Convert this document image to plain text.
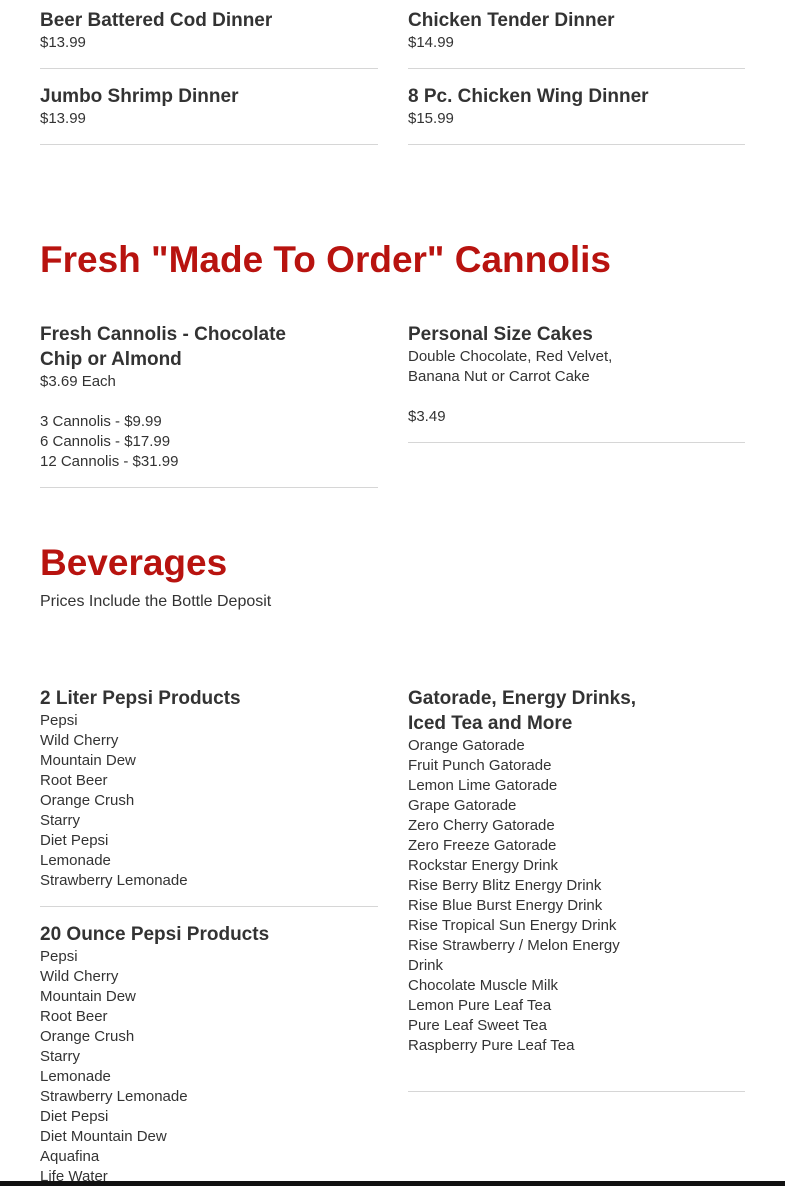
Beer Battered Cod Dinner

$13.99

Chicken Tender Dinner

$14.99

Jumbo Shrimp Dinner

$13.99

8 Pc. Chicken Wing Dinner

$15.99

Fresh "Made To Order" Cannolis

Fresh Cannolis - Chocolate

Chip or Almond

$3.69 Each

3 Cannolis - $9.99

6 Cannolis - $17.99

12 Cannolis - $31.99

Personal Size Cakes

Double Chocolate, Red Velvet,

Banana Nut or Carrot Cake

$3.49

Beverages

Prices Include the Bottle Deposit

2 Liter Pepsi Products

Pepsi
Wild Cherry
Mountain Dew
Root Beer
Orange Crush
Starry
Diet Pepsi
Lemonade
Strawberry Lemonade

Gatorade, Energy Drinks,

Iced Tea and More

Orange Gatorade
Fruit Punch Gatorade
Lemon Lime Gatorade
Grape Gatorade
Zero Cherry Gatorade
Zero Freeze Gatorade
Rockstar Energy Drink
Rise Berry Blitz Energy Drink
Rise Blue Burst Energy Drink
Rise Tropical Sun Energy Drink
Rise Strawberry / Melon Energy
Drink
Chocolate Muscle Milk
Lemon Pure Leaf Tea
Pure Leaf Sweet Tea
Raspberry Pure Leaf Tea

20 Ounce Pepsi Products

Pepsi
Wild Cherry
Mountain Dew
Root Beer
Orange Crush
Starry
Lemonade
Strawberry Lemonade
Diet Pepsi
Diet Mountain Dew
Aquafina
Life Water
